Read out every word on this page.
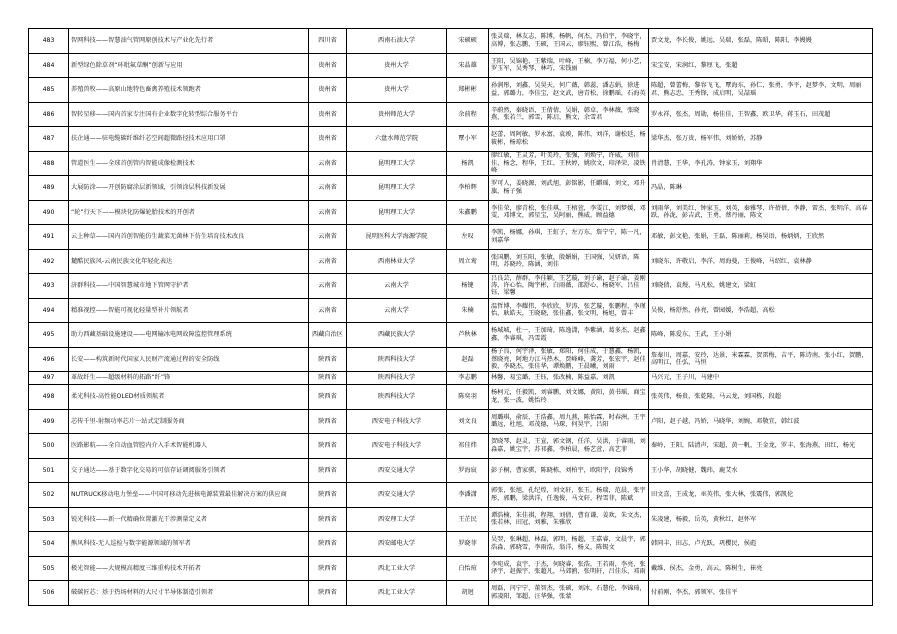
483	智网科技——智慧油气管网原创技术与产业化先行者	四川省	西南石油大学	宋硕硕	张灵瑞，林友志，陈博，杨帆，何杰，冯伯宇，李晓宇，高博，张志鹏，王硕，王国云，廖钰熙，曾江浩，杨梅	贾文龙，李长俊，姚远，吴瑞，张磊，陈昭，陈阳，李嫚嫚
484	新型绿色除草剂“环吡氟草酮”创新与应用	贵州省	贵州大学	宋晶雄	王阳，吴锦艳，王紫瑞，叶峰，王楠，李万福，何小艺，罗玉军，吴秀琴，林巧，宋钱丽	宋宝安，宋润红，黎厘飞，张超
485	养殖兽牧——高原山地特色畜禽养殖技术领跑者	贵州省	贵州大学	郑彬彬	孙润彤，刘鑫，吴昊天，何广薇，韩蕊，潘志娟，徐进益，郭璐力，李佳宝，赵文武，唐青松，徐鹏瑶，石海英	陈超，曾蕾梅，黎容飞飞，覃海东，孙仁，张勇，李平，赵梦李，文明，周丽君，熊志忠，王秀锋，成启明，吴喆瑶
486	智转星移——国内首家专注国有企业数字化转型综合服务平台	贵州省	贵州师范大学	余前程	辛蔚然，秦晓语，王倩倩，吴娟，韩卓，李林薇，张晓燕，张若兰，郭雪，陈启，熊文，余雪君	罗永祥，张杰，周勋，杨佳佳，王智鑫，欧卫华，蒋玉石，田茂超
487	扶企通——驻电缆碳纤维纤芯空间超微路径技术应用口罩	贵州省	六盘水师范学院	覃小军	赵蕾，周阿敏，罗永富，袁竣，陈伟，刘洋，谢松廷，杨筱彬，杨琼松	梁华杰，张万贵，杨军伟，刘娇娇，苏静
488	管道医生——全球首创管内智能成像检测技术	云南省	昆明理工大学	杨凯	廖红敏，王灵芳，叶美玲，张强，刘焕宁，许威，刘佳佳，杨念，程华，王红，王秋婷，姚欣文，印泽荣，凌铁峰	肖清慧，王华，李孔涛，钟家玉，刘翔华
489	大展防涂——开创防腐涂层新领域，引领涂层科技新发展	云南省	昆明理工大学	李柏辉	罗可人，姜晓源，刘武旭，彭铭影，任麒瑶，刘文，邓升旗，杨子强	冯晶，陈琳
490	“轮”行天下——模块化防爆轮胎技术的开创者	云南省	昆明理工大学	朱鑫鹏	李佳荣，廖青松，张佳琪，王榕萱，李雯江，刘梦媛，邓雯，邓博文，郭星宝，吴阿丽，熊威，顾益德	刘雨华，刘美红，钟家玉，刘英，秦雅琴，许蓓蓓，李静，雷杰，张明洋，高春跃，孙泷，彭吉武，王勇，蔡丹丽，陈文
491	云上种草——国内首创智能仿生蔬菜无菌林下仿生培育技术改良	云南省	昆明医科大学海源学院	左叹	李凯，杨娜，孙琪，王虹子，左万东，詹宁宁，陈一凡，刘嘉华	邓敏，彭文艳，张娟，王磊，陈丽莉，杨昊语，杨炳炳，王欣然
492	麓酷民族风-云南民族文化年轻化表达	云南省	西南林业大学	周立鸾	张国鹏，刘玉阳，张敏，殷媚娟，王国强，吴妍语，陈明，苏晓玲，陈涵，刘佳	刘晓东，许敬启，李洋，周海曼，王俊峰，马绍红，袁林静
493	济群科技——中国智慧城市地下管网守护者	云南省	云南大学	杨键	吕良芸，薛群，李佳颖，王艺璇，刘子谕，赵子谕，姜刚涛，许心怡，陶宇彬，白雨薇，邵舒心，杨晓军，吕佳钰，梁馨	刘晓倩，袁熳，马凡松，姚建文，梁虹
494	精准视控——智能可视化轻量型补片领航者	云南省	云南大学	朱楠	温哲博，李耀伟，李欣欣，罗涛，张艺璇，张鹏程，李瑾怡，耿皓天，王晓晓，张佳鑫，张文明，杨旭，曾丰	吴俊，杨舒然，孙亮，曾园媛，李浩超，高松
495	助力西藏基础设施建设——电网输冰电网故障监控管理系统	西藏自治区	西藏民族大学	芦秋林	杨城城，杜一，王加琦，陈逸潇，李紫涵，葛多杰，赵鑫鑫，李睿琪，冯雪霞	陈峰，陈爱东，王武，王小娟
496	长安——构筑新时代国家人民财产流通过程的安全防线	陕西省	陕西科技大学	赵磊	杨子良，何宇泽，张敏，郑阳，何佳成，于慧鑫，杨凯，蔡晓亮，阿地力江马热木，贾峰峰，龚芳，张宏宇，赵佳毅，李晓杰，张佳华，谭焕鹏，王晨曦，刘雨	詹秦川，周嘉，安玲，达景，米霖霖，贺雷梅，吉平，陈诗南，张小红，贺鹏，高明江，任弘，马恒
497	革故纤生——超级材料的拓路“纤”锋	陕西省	陕西科技大学	李志鹏	林馨，易宝璐，王钰，张改楠，陈益嘉，刘凯	马兴元，王子川，马建中
498	柔光科技-高性能OLED材质领航者	陕西省	陕西科技大学	陈奕羽	杨柯元，任毅凯，刘睿鹏，刘文娜，黄阳，黄书瑶，商宝龙，张一波，姚怡玲	张英伟，杨贵，张乾隆，马云龙，刘国栋，段超
499	芯传千里-射频功率芯片一站式定制服务商	陕西省	西安电子科技大学	刘文良	周璐琪，俞辰，王浩鑫，周九燕，陈怡霖，时春洲，王宇璐远，杜旭，邓茂德，马琛，何昊宇，吕阳	卢阳，赵子越，冯娇，马晓华，刘婉，邓敬宜，韩红波
500	医路影航——全自动血管腔内介入手术智能机器人	陕西省	西安电子科技大学	祁佳炜	贺晓琴，赵灵，王宣，郭文钢，任洋，吴洪，于睿雨，刘淼嘉，姚宝宇，苏祁鑫，李柏晨，杨艺萱，高艺菲	秦岭，王阳，陆清声，宋超，黄一帆，王金龙，罗丰，张海燕，田红，杨光
501	交子通达——基于数字化交易的可信存证调阅服务引领者	陕西省	西安交通大学	罗海宸	彭子桐，曹家骐，陈晓栋，刘柏宇，欧阳宇，段锦秀	王小华，胡晓健，魏玮，鹿艾水
502	NUTRUCK移动电力堡垒——中国可移动先进核电源装置最佳解决方案的供应商	陕西省	西安交通大学	李潘潇	郭张，张旭，孔纪煌，刘文轩，张玉，杨瑞，范晨，张宇彤，郭鹏，梁洪洋，任逸俊，马文轩，程雪菲，陈斌	田文喜，王成龙，巫英伟，张大林，张震伟，郭凯伦
503	锐光科技——新一代精确位置激光干涉测量定义者	陕西省	西安理工大学	王芷民	谭浩楠，朱佳祺，程翔，刘倩，曹育谦，姜欢，朱文杰，张若林，田冠，刘雅，朱雅欣	朱凌建，杨毅，岳英，黄秋红，赵怀军
504	熊风科技-无人巡检与数字能源领域的领军者	陕西省	西安邮电大学	罗晓菲	吴翌，张琳超，林磊，郭明，杨超，王嘉睿，文晨宇，郭浩淼，郭晓雪，李雨浩，翁洋，杨义，陈锡文	韩同丰，田志，卢光跃，巩樱民，侯彪
505	极光智能——大规模高精度三维重构技术开拓者	陕西省	西北工业大学	白怡瑄	李宛成，袁宇，于杰，何晓睿，张浩，王若雨，李亮，张泽宇，赵振宇，张超凡，马郊鸥，张明轩，吕佳乐，邓雨	戴维，侯杰，金勇，高云，陈树生，崔亮
506	破碳匠芯：基于热场材料的大尺寸半导体制造引领者	陕西省	西北工业大学	胡迥	周磊，闫宁宁，董智杰，张硕，刘冰，石慧伦，李锦琦，郭凌阳，邹超，汪华强，张蒙	付前刚，李杰，郭领军，张佳平
